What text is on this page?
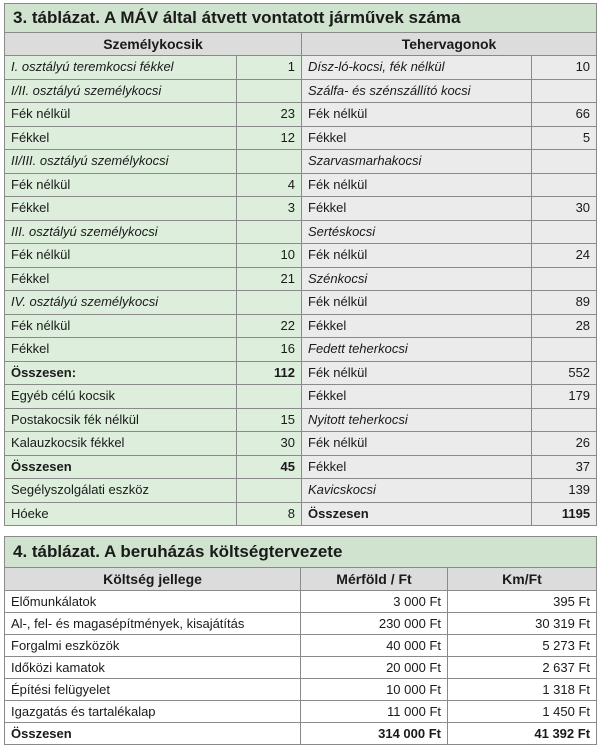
3. táblázat. A MÁV által átvett vontatott járművek száma			
Személykocsik		Tehervagonok	
I. osztályú teremkocsi fékkel	1	Dísz-ló-kocsi, fék nélkül	10
I/II. osztályú személykocsi		Szálfa- és szénszállító kocsi	
Fék nélkül	23	Fék nélkül	66
Fékkel	12	Fékkel	5
II/III. osztályú személykocsi		Szarvasmarhakocsi	
Fék nélkül	4	Fék nélkül	
Fékkel	3	Fékkel	30
III. osztályú személykocsi		Sertéskocsi	
Fék nélkül	10	Fék nélkül	24
Fékkel	21	Szénkocsi	
IV. osztályú személykocsi		Fék nélkül	89
Fék nélkül	22	Fékkel	28
Fékkel	16	Fedett teherkocsi	
Összesen:	112	Fék nélkül	552
Egyéb célú kocsik		Fékkel	179
Postakocsik fék nélkül	15	Nyitott teherkocsi	
Kalauzkocsik fékkel	30	Fék nélkül	26
Összesen	45	Fékkel	37
Segélyszolgálati eszköz		Kavicskocsi	139
Hóeke	8	Összesen	1195
4. táblázat. A beruházás költségtervezete		
Költség jellege	Mérföld / Ft	Km/Ft
Előmunkálatok	3 000 Ft	395 Ft
Al-, fel- és magasépítmények, kisajátítás	230 000 Ft	30 319 Ft
Forgalmi eszközök	40 000 Ft	5 273 Ft
Időközi kamatok	20 000 Ft	2 637 Ft
Építési felügyelet	10 000 Ft	1 318 Ft
Igazgatás és tartalékalap	11 000 Ft	1 450 Ft
Összesen	314 000 Ft	41 392 Ft
